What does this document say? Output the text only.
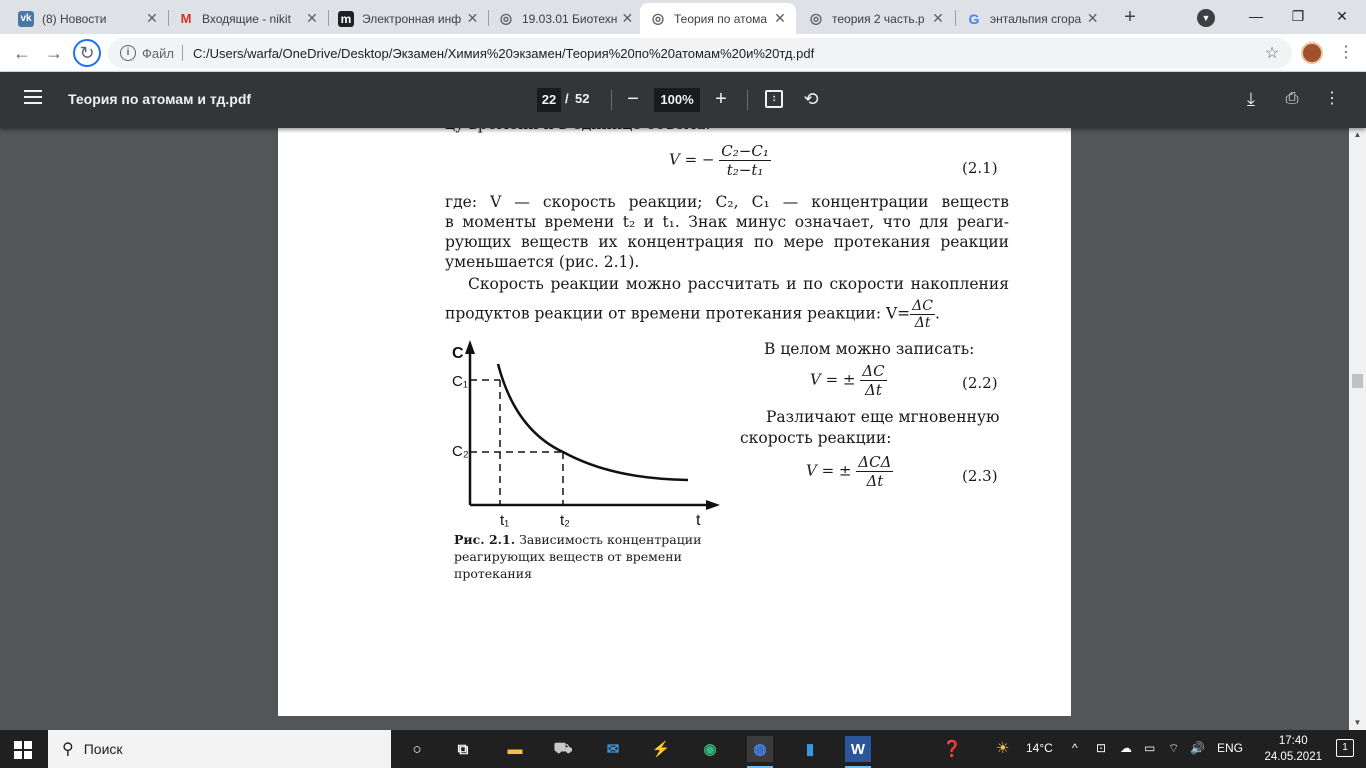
vk (8) Новости	✕ M Входящие - nikit	✕ m Электронная инф ✕ ◎ 19.03.01 Биотехн ✕ ◎ Теория по атома ✕ ◎ теория 2 часть.p ✕ G энтальпия сгора ✕	+	▼	—	❐	✕
← → ↻	i Файл C:/Users/warfa/OneDrive/Desktop/Экзамен/Химия%20экзамен/Теория%20по%20атомам%20и%20тд.pdf	☆	⋮
Теория по атомам и тд.pdf	22 / 52 −	100%	+	↕	⟲	⤓	⎙ ⋮
V = − $\frac{\text{C₂−C₁}}{\text{t₂−t₁}}$	(2.1)
где: V — скорость реакции; C₂, C₁ — концентрации веществ
в моменты времени t₂ и t₁. Знак минус означает, что для реаги-
рующих веществ их концентрация по мере протекания реакции
уменьшается (рис. 2.1).
Скорость реакции можно рассчитать и по скорости накопления
продуктов реакции от времени протекания реакции: $V= \frac{\Delta C}{\Delta t}$ .
C
C₁
C₂
t₁	t₂	t
Рис. 2.1. Зависимость концентрации
реагирующих веществ от времени
протекания
В целом можно записать:
V = ± $\frac{\Delta C}{\Delta t}$	(2.2)
Различают еще мгновенную
скорость реакции:
V = ± $\frac{\text{ΔCΔ}}{\Delta t}$	(2.3)
▲
▼
⚲ Поиск	○	⧉	▬	⛟	✉	⚡	◉	◍	▮	W	❓ ☀ 14°C ^ ⊡ ☁ ▭ ⌔ 🔊 ENG	17:40
24.05.2021
1
